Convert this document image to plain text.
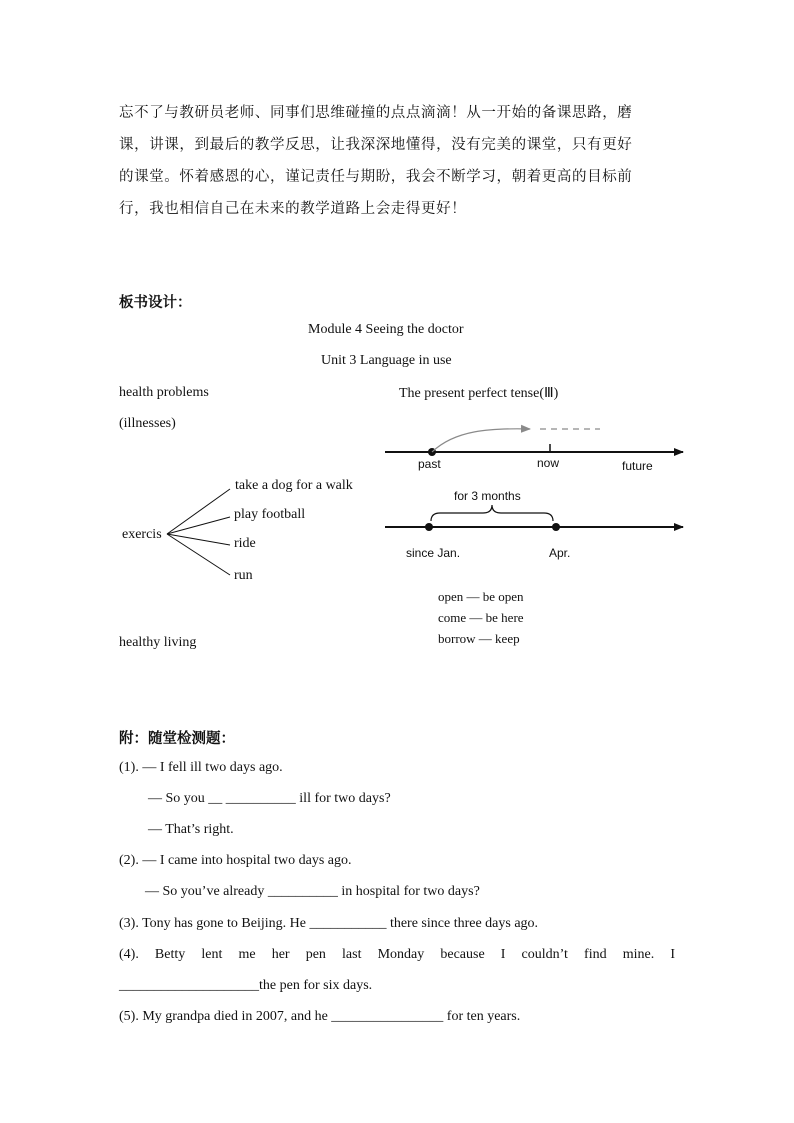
忘不了与教研员老师、同事们思维碰撞的点点滴滴！从一开始的备课思路，磨
课，讲课，到最后的教学反思，让我深深地懂得，没有完美的课堂，只有更好
的课堂。怀着感恩的心，谨记责任与期盼，我会不断学习，朝着更高的目标前
行，我也相信自己在未来的教学道路上会走得更好！
板书设计：
Module 4 Seeing the doctor
Unit 3 Language in use
health problems
(illnesses)
exercis
take a dog for a walk
play football
ride
run
healthy living
The present perfect tense(Ⅲ)
past	now	future
for 3 months
since Jan.	Apr.
open — be open
come — be here
borrow — keep
附：随堂检测题：
(1). — I fell ill two days ago.
— So you __ __________ ill for two days?
— That’s right.
(2). — I came into hospital two days ago.
— So you’ve already __________ in hospital for two days?
(3). Tony has gone to Beijing. He ___________ there since three days ago.
(4). Betty lent me her pen last Monday because I couldn’t find mine. I
____________________the pen for six days.
(5). My grandpa died in 2007, and he ________________ for ten years.
